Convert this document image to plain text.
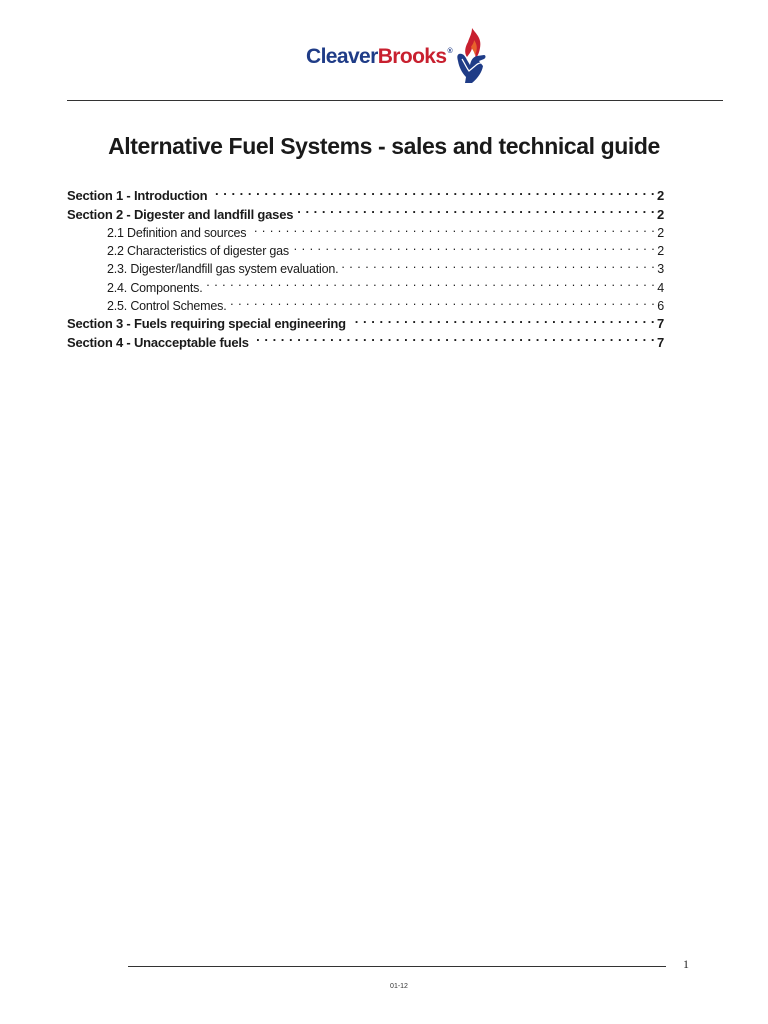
CleaverBrooks®
Alternative Fuel Systems - sales and technical guide
Section 1 - Introduction . . .	2
Section 2 - Digester and landfill gases . . .	2
2.1 Definition and sources . . .	2
2.2 Characteristics of digester gas . . .	2
2.3. Digester/landfill gas system evaluation. . . .	3
2.4. Components. . . .	4
2.5. Control Schemes. . . .	6
Section 3 - Fuels requiring special engineering . . .	7
Section 4 - Unacceptable fuels . . .	7
1
01-12
